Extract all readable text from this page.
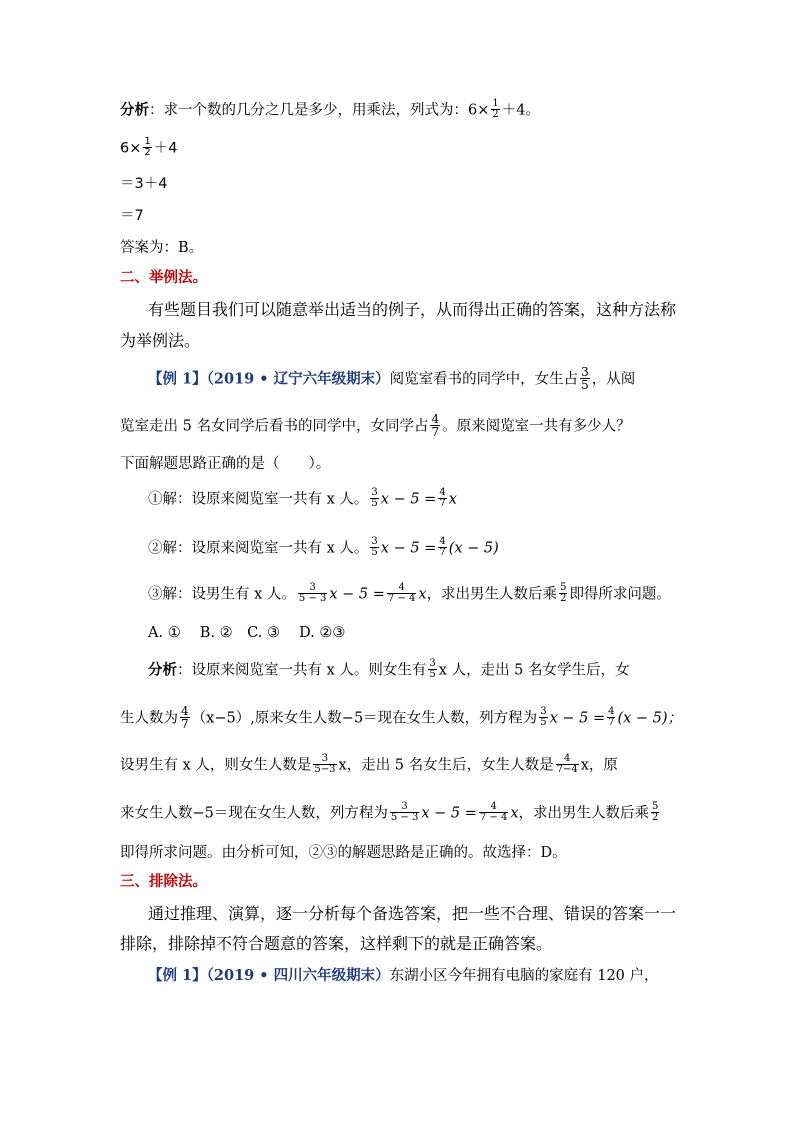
分析：求一个数的几分之几是多少，用乘法，列式为：$6\times \frac{1}{2} +4$。
$6\times \frac{1}{2} +4$
＝3＋4
＝7
答案为：B。
二、举例法。
有些题目我们可以随意举出适当的例子，从而得出正确的答案，这种方法称
为举例法。
【例 1】（2019 • 辽宁六年级期末）阅览室看书的同学中，女生占 $\frac{3}{5}$ ，从阅
览室走出 5 名女同学后看书的同学中，女同学占 $\frac{4}{7}$ 。原来阅览室一共有多少人？
下面解题思路正确的是（　　）。
①解：设原来阅览室一共有 x 人。 $\frac{3}{5}$ $x - 5 = \frac{4}{7}$ x
②解：设原来阅览室一共有 x 人。 $\frac{3}{5}$ $x - 5 = \frac{4}{7} (x - 5)$
③解：设男生有 x 人。 $\frac{3}{5 - 3}$ $x - 5 = \frac{4}{7 - 4}$ x，求出男生人数后乘 $\frac{5}{2}$ 即得所求问题。
A. ①　 B. ②　C. ③　 D. ②③
分析：设原来阅览室一共有 x 人。则女生有 $\frac{3}{5}$ x 人，走出 5 名女学生后，女
生人数为 $\frac{4}{7} (x-5)$,原来女生人数−5＝现在女生人数，列方程为 $\frac{3}{5}$ $x - 5 = \frac{4}{7} (x - 5)$；
设男生有 x 人，则女生人数是 $\frac{3}{5-3}$ x，走出 5 名女生后，女生人数是 $\frac{4}{7-4}$ x，原
来女生人数−5＝现在女生人数，列方程为 $\frac{3}{5 - 3}$ $x - 5 = \frac{4}{7 - 4}$ x，求出男生人数后乘 $\frac{5}{2}$
即得所求问题。由分析可知，②③的解题思路是正确的。故选择：D。
三、排除法。
通过推理、演算，逐一分析每个备选答案，把一些不合理、错误的答案一一
排除，排除掉不符合题意的答案，这样剩下的就是正确答案。
【例 1】（2019 • 四川六年级期末）东湖小区今年拥有电脑的家庭有 120 户，
